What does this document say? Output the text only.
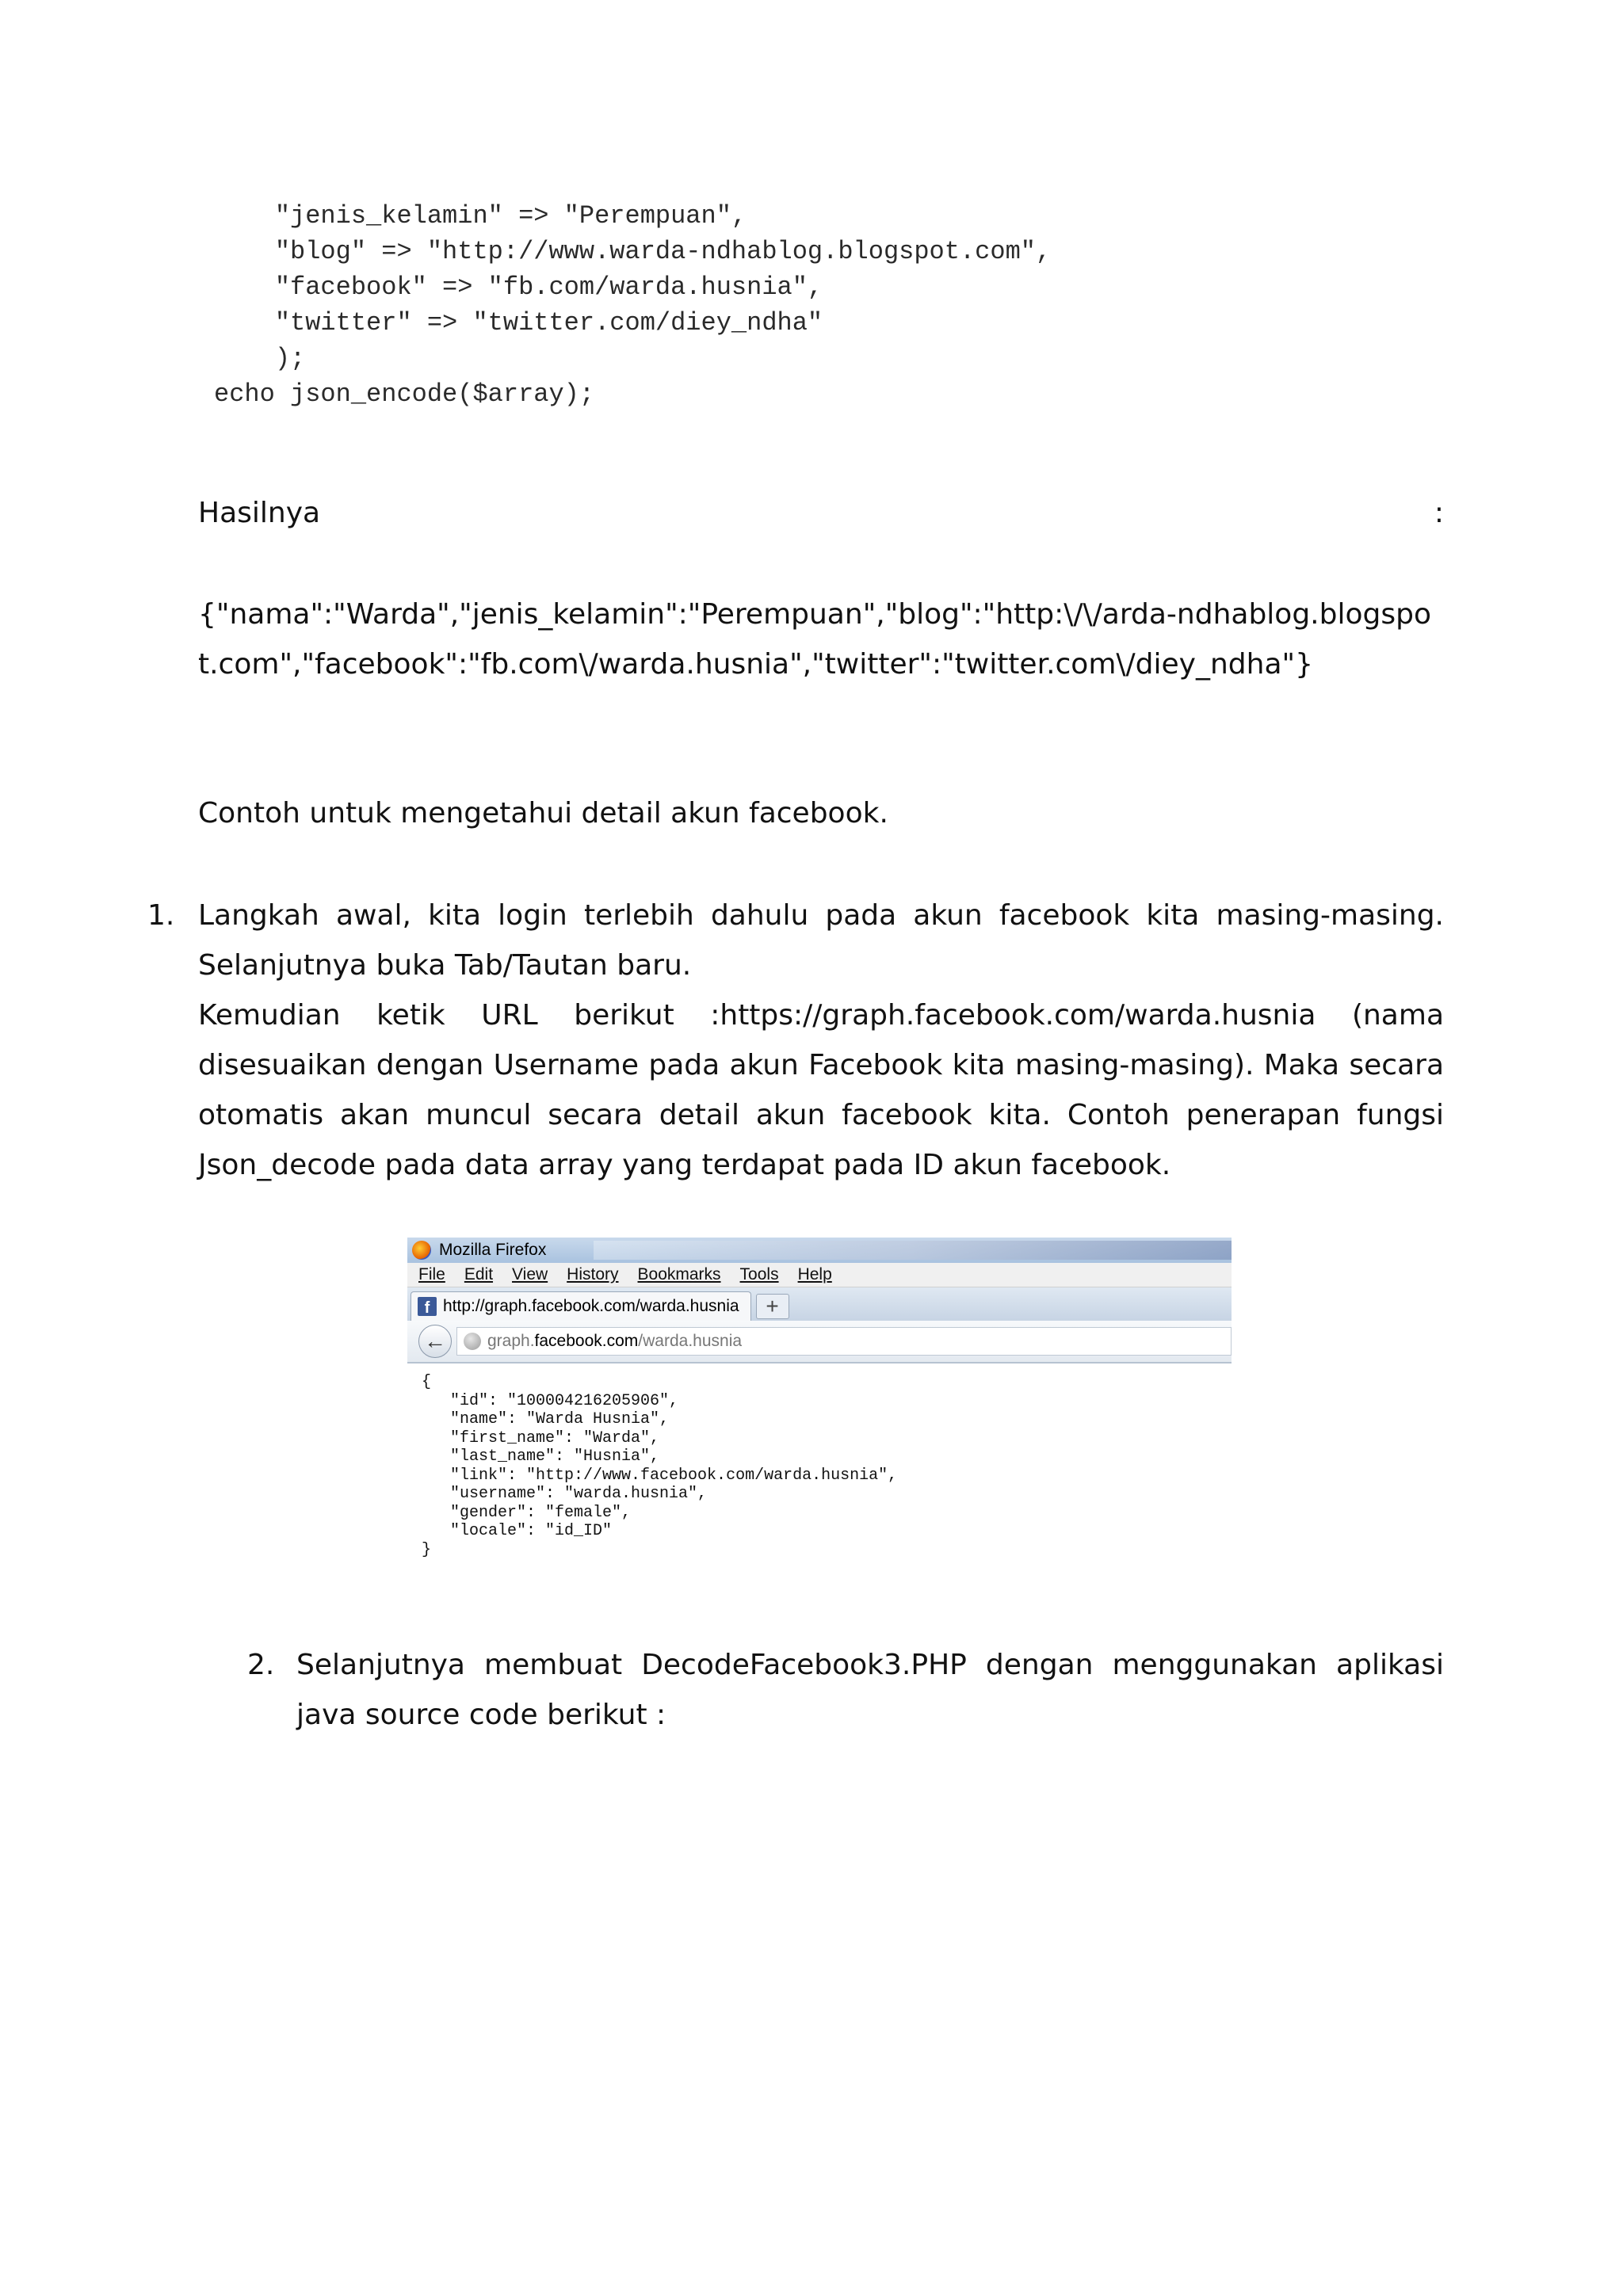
"jenis_kelamin" => "Perempuan",
"blog" => "http://www.warda-ndhablog.blogspot.com",
"facebook" => "fb.com/warda.husnia",
"twitter" => "twitter.com/diey_ndha"
);
echo json_encode($array);
Hasilnya	:
{"nama":"Warda","jenis_kelamin":"Perempuan","blog":"http:\/\/arda-ndhablog.blogspot.com","facebook":"fb.com\/warda.husnia","twitter":"twitter.com\/diey_ndha"}
Contoh untuk mengetahui detail akun facebook.
1. Langkah awal, kita login terlebih dahulu pada akun facebook kita masing-masing. Selanjutnya buka Tab/Tautan baru.

Kemudian ketik URL berikut :https://graph.facebook.com/warda.husnia (nama disesuaikan dengan Username pada akun Facebook kita masing-masing). Maka secara otomatis akan muncul secara detail akun facebook kita. Contoh penerapan fungsi Json_decode pada data array yang terdapat pada ID akun facebook.

Mozilla Firefox
File Edit View History Bookmarks Tools Help
f http://graph.facebook.com/warda.husnia	+
←	graph.facebook.com/warda.husnia
{
"id": "100004216205906",
"name": "Warda Husnia",
"first_name": "Warda",
"last_name": "Husnia",
"link": "http://www.facebook.com/warda.husnia",
"username": "warda.husnia",
"gender": "female",
"locale": "id_ID"
}
2. Selanjutnya membuat DecodeFacebook3.PHP dengan menggunakan aplikasi java source code berikut :
